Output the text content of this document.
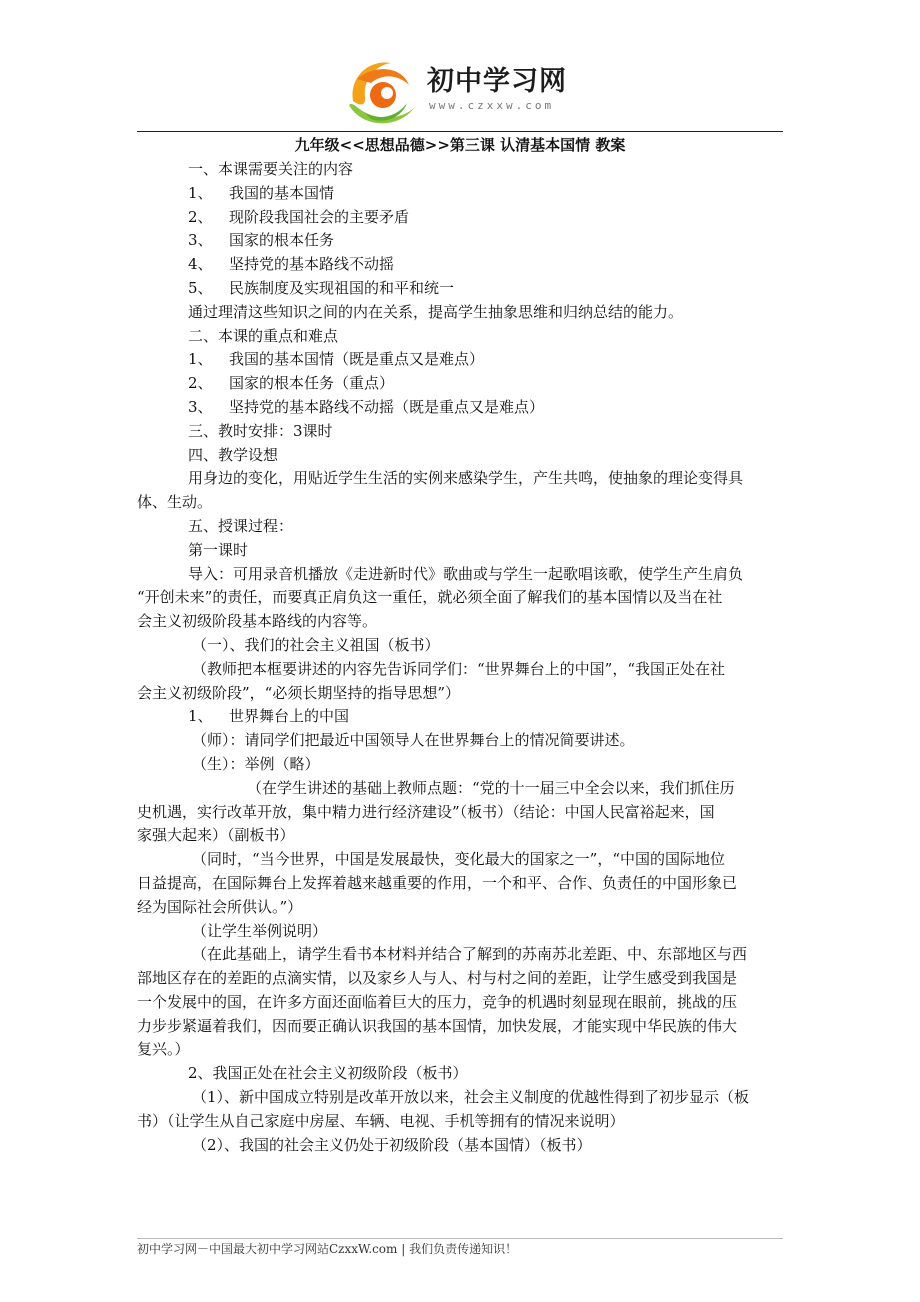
初中学习网

www.czxxw.com

九年级<<思想品德>>第三课 认清基本国情 教案

一、本课需要关注的内容

1、 我国的基本国情

2、 现阶段我国社会的主要矛盾

3、 国家的根本任务

4、 坚持党的基本路线不动摇

5、 民族制度及实现祖国的和平和统一

通过理清这些知识之间的内在关系，提高学生抽象思维和归纳总结的能力。

二、本课的重点和难点

1、 我国的基本国情（既是重点又是难点）

2、 国家的根本任务（重点）

3、 坚持党的基本路线不动摇（既是重点又是难点）

三、教时安排：3课时

四、教学设想

用身边的变化，用贴近学生生活的实例来感染学生，产生共鸣，使抽象的理论变得具

体、生动。

五、授课过程：

第一课时

导入：可用录音机播放《走进新时代》歌曲或与学生一起歌唱该歌，使学生产生肩负

“开创未来”的责任，而要真正肩负这一重任，就必须全面了解我们的基本国情以及当在社

会主义初级阶段基本路线的内容等。

（一）、我们的社会主义祖国（板书）

（教师把本框要讲述的内容先告诉同学们：“世界舞台上的中国”，“我国正处在社

会主义初级阶段”，“必须长期坚持的指导思想”）

1、 世界舞台上的中国

（师）：请同学们把最近中国领导人在世界舞台上的情况简要讲述。

（生）：举例（略）

（在学生讲述的基础上教师点题：“党的十一届三中全会以来，我们抓住历

史机遇，实行改革开放，集中精力进行经济建设”（板书）（结论：中国人民富裕起来，国

家强大起来）（副板书）

（同时，“当今世界，中国是发展最快，变化最大的国家之一”，“中国的国际地位

日益提高，在国际舞台上发挥着越来越重要的作用，一个和平、合作、负责任的中国形象已

经为国际社会所供认。”）

（让学生举例说明）

（在此基础上，请学生看书本材料并结合了解到的苏南苏北差距、中、东部地区与西

部地区存在的差距的点滴实情，以及家乡人与人、村与村之间的差距，让学生感受到我国是

一个发展中的国，在许多方面还面临着巨大的压力，竞争的机遇时刻显现在眼前，挑战的压

力步步紧逼着我们，因而要正确认识我国的基本国情，加快发展，才能实现中华民族的伟大

复兴。）

2、我国正处在社会主义初级阶段（板书）

（1）、新中国成立特别是改革开放以来，社会主义制度的优越性得到了初步显示（板

书）（让学生从自己家庭中房屋、车辆、电视、手机等拥有的情况来说明）

（2）、我国的社会主义仍处于初级阶段（基本国情）（板书）

初中学习网－中国最大初中学习网站CzxxW.com | 我们负责传递知识！
